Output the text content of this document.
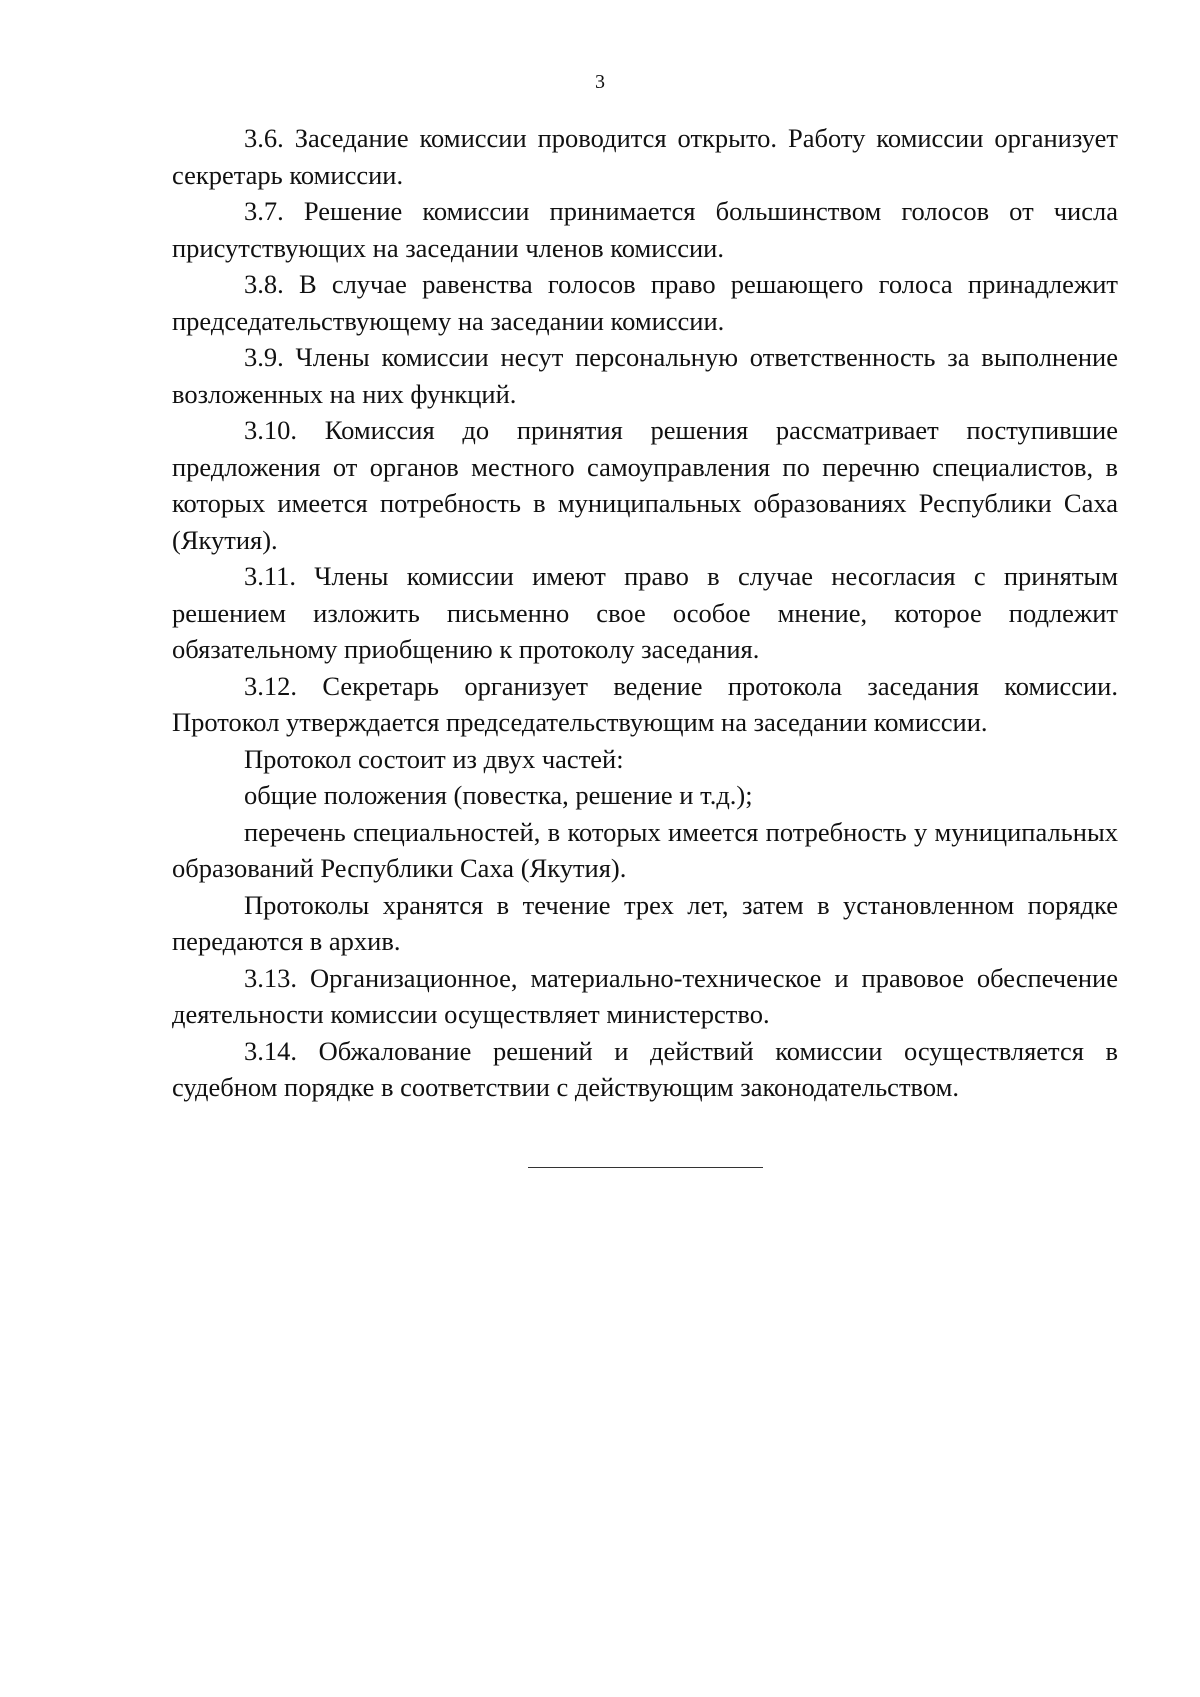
3

3.6. Заседание комиссии проводится открыто. Работу комиссии организует секретарь комиссии.

3.7. Решение комиссии принимается большинством голосов от числа присутствующих на заседании членов комиссии.

3.8. В случае равенства голосов право решающего голоса принадлежит председательствующему на заседании комиссии.

3.9. Члены комиссии несут персональную ответственность за выполнение возложенных на них функций.

3.10. Комиссия до принятия решения рассматривает поступившие предложения от органов местного самоуправления по перечню специалистов, в которых имеется потребность в муниципальных образованиях Республики Саха (Якутия).

3.11. Члены комиссии имеют право в случае несогласия с принятым решением изложить письменно свое особое мнение, которое подлежит обязательному приобщению к протоколу заседания.

3.12. Секретарь организует ведение протокола заседания комиссии. Протокол утверждается председательствующим на заседании комиссии.

Протокол состоит из двух частей:

общие положения (повестка, решение и т.д.);

перечень специальностей, в которых имеется потребность у муниципальных образований Республики Саха (Якутия).

Протоколы хранятся в течение трех лет, затем в установленном порядке передаются в архив.

3.13. Организационное, материально-техническое и правовое обеспечение деятельности комиссии осуществляет министерство.

3.14. Обжалование решений и действий комиссии осуществляется в судебном порядке в соответствии с действующим законодательством.
